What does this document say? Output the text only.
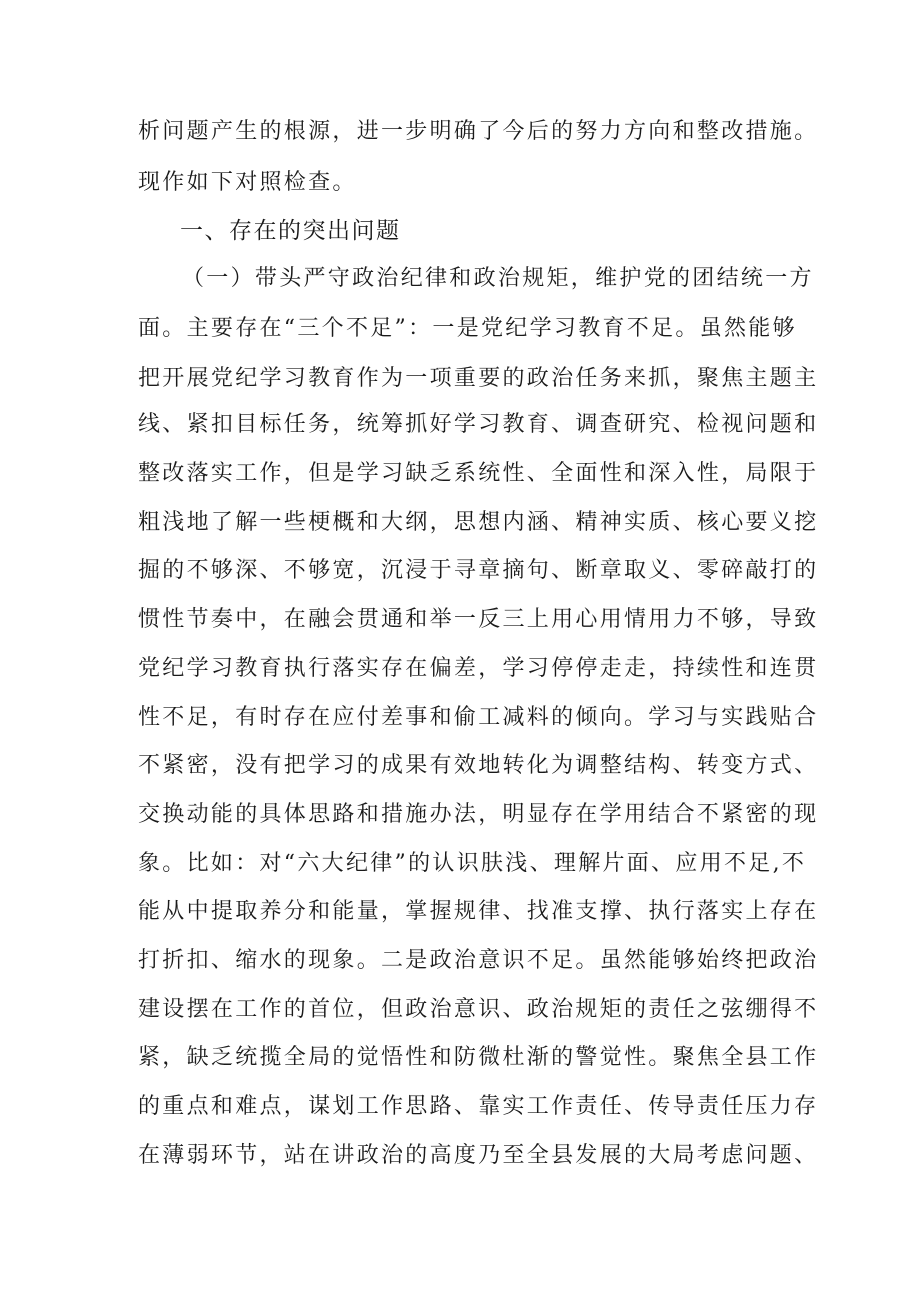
析问题产生的根源，进一步明确了今后的努力方向和整改措施。
现作如下对照检查。
一、存在的突出问题
（一）带头严守政治纪律和政治规矩，维护党的团结统一方
面。主要存在“三个不足”：一是党纪学习教育不足。虽然能够
把开展党纪学习教育作为一项重要的政治任务来抓，聚焦主题主
线、紧扣目标任务，统筹抓好学习教育、调查研究、检视问题和
整改落实工作，但是学习缺乏系统性、全面性和深入性，局限于
粗浅地了解一些梗概和大纲，思想内涵、精神实质、核心要义挖
掘的不够深、不够宽，沉浸于寻章摘句、断章取义、零碎敲打的
惯性节奏中，在融会贯通和举一反三上用心用情用力不够，导致
党纪学习教育执行落实存在偏差，学习停停走走，持续性和连贯
性不足，有时存在应付差事和偷工减料的倾向。学习与实践贴合
不紧密，没有把学习的成果有效地转化为调整结构、转变方式、
交换动能的具体思路和措施办法，明显存在学用结合不紧密的现
象。比如：对“六大纪律”的认识肤浅、理解片面、应用不足,不
能从中提取养分和能量，掌握规律、找准支撑、执行落实上存在
打折扣、缩水的现象。二是政治意识不足。虽然能够始终把政治
建设摆在工作的首位，但政治意识、政治规矩的责任之弦绷得不
紧，缺乏统揽全局的觉悟性和防微杜渐的警觉性。聚焦全县工作
的重点和难点，谋划工作思路、靠实工作责任、传导责任压力存
在薄弱环节，站在讲政治的高度乃至全县发展的大局考虑问题、
